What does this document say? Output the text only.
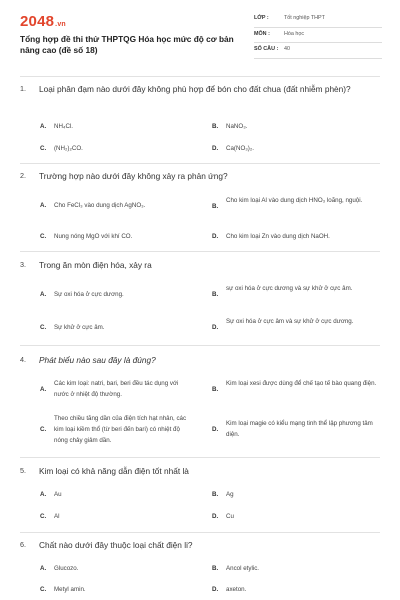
2048.vn
Tổng hợp đề thi thử THPTQG Hóa học mức độ cơ bản nâng cao (đề số 18)
LỚP :	Tốt nghiệp THPT
MÔN :	Hóa học
SỐ CÂU : 40
1. Loại phân đạm nào dưới đây không phù hợp để bón cho đất chua (đất nhiễm phèn)?
A. NH₄Cl.	B. NaNO₃.
C. (NH₂)₂CO.	D. Ca(NO₃)₂.
2. Trường hợp nào dưới đây không xảy ra phản ứng?
A. Cho FeCl₃ vào dung dịch AgNO₃.	B.
Cho kim loại Al vào dung dịch HNO₃ loãng, nguội.
C. Nung nóng MgO với khí CO.	D. Cho kim loại Zn vào dung dịch NaOH.
3. Trong ăn mòn điện hóa, xảy ra
A. Sự oxi hóa ở cực dương.	B.
sự oxi hóa ở cực dương và sự khử ở cực âm.
C. Sự khử ở cực âm.	D.
Sự oxi hóa ở cực âm và sự khử ở cực dương.
4. Phát biểu nào sau đây là đúng?
A.
Các kim loại: natri, bari, beri đều tác dụng với nước ở nhiệt độ thường.
B.
Kim loại xesi được dùng để chế tạo tế bào quang điện.
C.
Theo chiều tăng dần của điện tích hạt nhân, các kim loại kiềm thổ (từ beri đến bari) có nhiệt độ nóng chảy giảm dần.
D.
Kim loại magie có kiểu mạng tinh thể lập phương tâm diện.
5. Kim loại có khả năng dẫn điện tốt nhất là
A. Au	B. Ag
C. Al	D. Cu
6. Chất nào dưới đây thuộc loại chất điện li?
A. Glucozo.	B. Ancol etylic.
C. Metyl amin.	D. axeton.
